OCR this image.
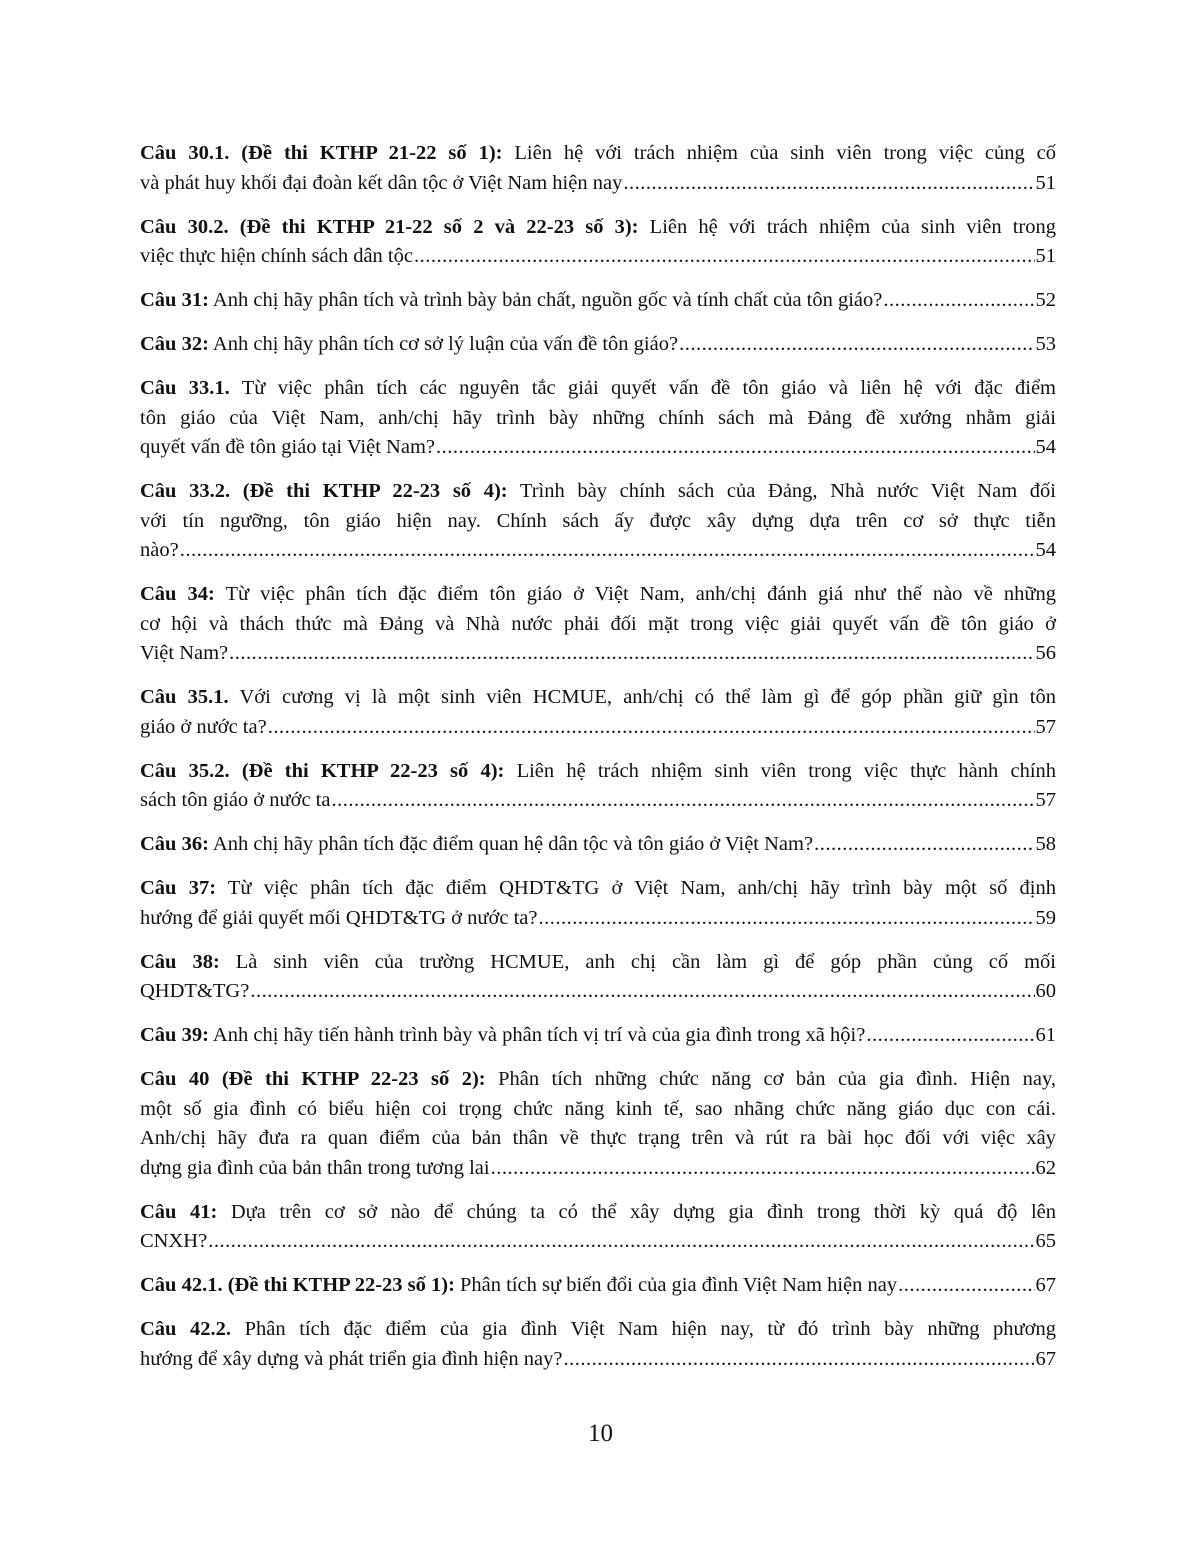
Câu 30.1. (Đề thi KTHP 21-22 số 1): Liên hệ với trách nhiệm của sinh viên trong việc củng cố
và phát huy khối đại đoàn kết dân tộc ở Việt Nam hiện nay .....	51
Câu 30.2. (Đề thi KTHP 21-22 số 2 và 22-23 số 3): Liên hệ với trách nhiệm của sinh viên trong
việc thực hiện chính sách dân tộc .....	51
Câu 31: Anh chị hãy phân tích và trình bày bản chất, nguồn gốc và tính chất của tôn giáo? .....	52
Câu 32: Anh chị hãy phân tích cơ sở lý luận của vấn đề tôn giáo? .....	53
Câu 33.1. Từ việc phân tích các nguyên tắc giải quyết vấn đề tôn giáo và liên hệ với đặc điểm
tôn giáo của Việt Nam, anh/chị hãy trình bày những chính sách mà Đảng đề xướng nhằm giải
quyết vấn đề tôn giáo tại Việt Nam? .....	54
Câu 33.2. (Đề thi KTHP 22-23 số 4): Trình bày chính sách của Đảng, Nhà nước Việt Nam đối
với tín ngưỡng, tôn giáo hiện nay. Chính sách ấy được xây dựng dựa trên cơ sở thực tiễn
nào? .....	54
Câu 34: Từ việc phân tích đặc điểm tôn giáo ở Việt Nam, anh/chị đánh giá như thế nào về những
cơ hội và thách thức mà Đảng và Nhà nước phải đối mặt trong việc giải quyết vấn đề tôn giáo ở
Việt Nam? .....	56
Câu 35.1. Với cương vị là một sinh viên HCMUE, anh/chị có thể làm gì để góp phần giữ gìn tôn
giáo ở nước ta? .....	57
Câu 35.2. (Đề thi KTHP 22-23 số 4): Liên hệ trách nhiệm sinh viên trong việc thực hành chính
sách tôn giáo ở nước ta .....	57
Câu 36: Anh chị hãy phân tích đặc điểm quan hệ dân tộc và tôn giáo ở Việt Nam? .....	58
Câu 37: Từ việc phân tích đặc điểm QHDT&TG ở Việt Nam, anh/chị hãy trình bày một số định
hướng để giải quyết mối QHDT&TG ở nước ta? .....	59
Câu 38: Là sinh viên của trường HCMUE, anh chị cần làm gì để góp phần củng cố mối
QHDT&TG? .....	60
Câu 39: Anh chị hãy tiến hành trình bày và phân tích vị trí và của gia đình trong xã hội? .....	61
Câu 40 (Đề thi KTHP 22-23 số 2): Phân tích những chức năng cơ bản của gia đình. Hiện nay,
một số gia đình có biểu hiện coi trọng chức năng kinh tế, sao nhãng chức năng giáo dục con cái.
Anh/chị hãy đưa ra quan điểm của bản thân về thực trạng trên và rút ra bài học đối với việc xây
dựng gia đình của bản thân trong tương lai .....	62
Câu 41: Dựa trên cơ sở nào để chúng ta có thể xây dựng gia đình trong thời kỳ quá độ lên
CNXH? .....	65
Câu 42.1. (Đề thi KTHP 22-23 số 1): Phân tích sự biến đổi của gia đình Việt Nam hiện nay .....	67
Câu 42.2. Phân tích đặc điểm của gia đình Việt Nam hiện nay, từ đó trình bày những phương
hướng để xây dựng và phát triển gia đình hiện nay? .....	67
10
